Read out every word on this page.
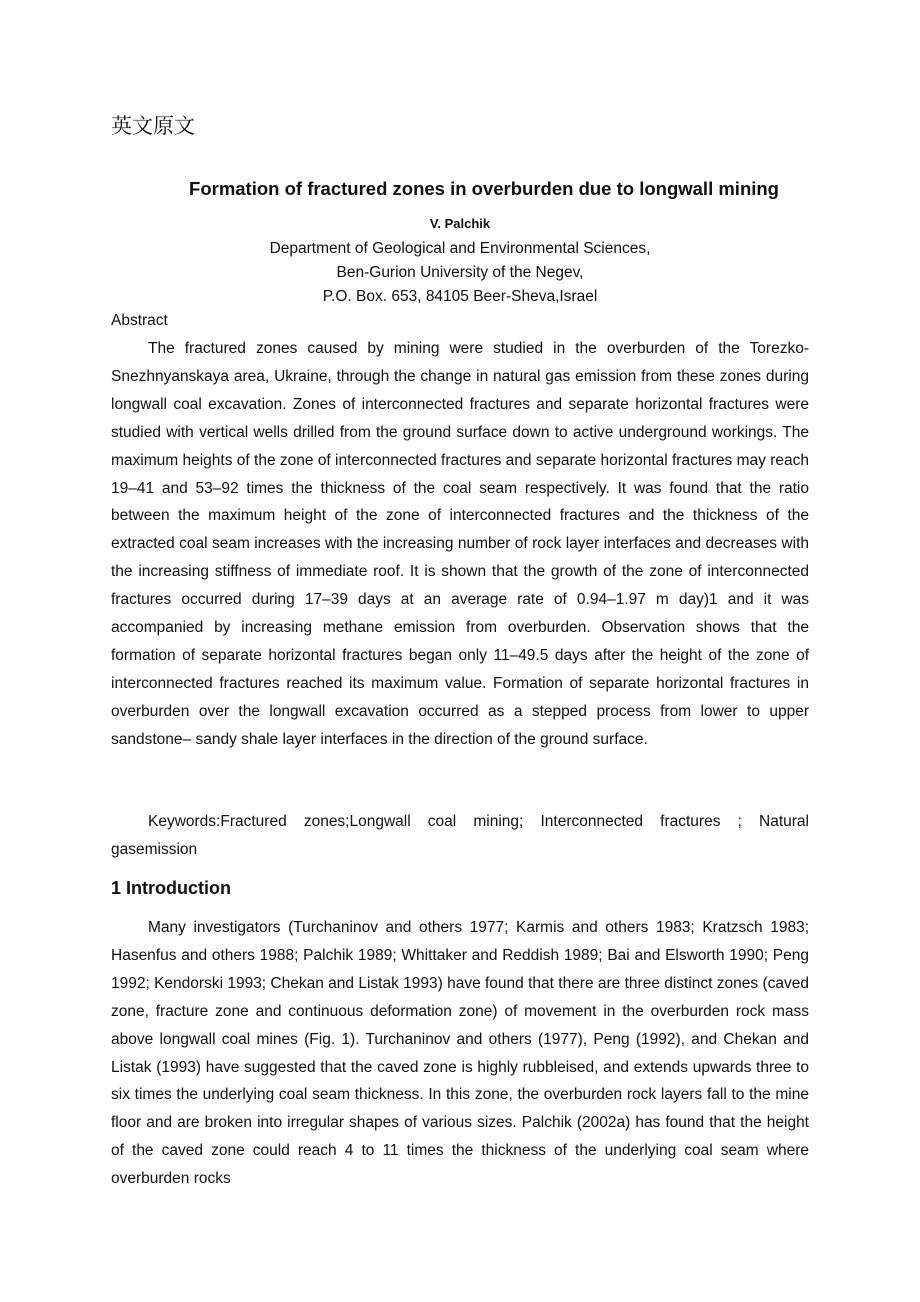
英文原文
Formation of fractured zones in overburden due to longwall mining

V. Palchik

Department of Geological and Environmental Sciences,

Ben-Gurion University of the Negev,

P.O. Box. 653, 84105 Beer-Sheva,Israel

Abstract

The fractured zones caused by mining were studied in the overburden of the Torezko-Snezhnyanskaya area, Ukraine, through the change in natural gas emission from these zones during longwall coal excavation. Zones of interconnected fractures and separate horizontal fractures were studied with vertical wells drilled from the ground surface down to active underground workings. The maximum heights of the zone of interconnected fractures and separate horizontal fractures may reach 19–41 and 53–92 times the thickness of the coal seam respectively. It was found that the ratio between the maximum height of the zone of interconnected fractures and the thickness of the extracted coal seam increases with the increasing number of rock layer interfaces and decreases with the increasing stiffness of immediate roof. It is shown that the growth of the zone of interconnected fractures occurred during 17–39 days at an average rate of 0.94–1.97 m day)1 and it was accompanied by increasing methane emission from overburden. Observation shows that the formation of separate horizontal fractures began only 11–49.5 days after the height of the zone of interconnected fractures reached its maximum value. Formation of separate horizontal fractures in overburden over the longwall excavation occurred as a stepped process from lower to upper sandstone– sandy shale layer interfaces in the direction of the ground surface.

Keywords:Fractured zones;Longwall coal mining; Interconnected fractures ; Natural gasemission

1 Introduction

Many investigators (Turchaninov and others 1977; Karmis and others 1983; Kratzsch 1983; Hasenfus and others 1988; Palchik 1989; Whittaker and Reddish 1989; Bai and Elsworth 1990; Peng 1992; Kendorski 1993; Chekan and Listak 1993) have found that there are three distinct zones (caved zone, fracture zone and continuous deformation zone) of movement in the overburden rock mass above longwall coal mines (Fig. 1). Turchaninov and others (1977), Peng (1992), and Chekan and Listak (1993) have suggested that the caved zone is highly rubbleised, and extends upwards three to six times the underlying coal seam thickness. In this zone, the overburden rock layers fall to the mine floor and are broken into irregular shapes of various sizes. Palchik (2002a) has found that the height of the caved zone could reach 4 to 11 times the thickness of the underlying coal seam where overburden rocks
